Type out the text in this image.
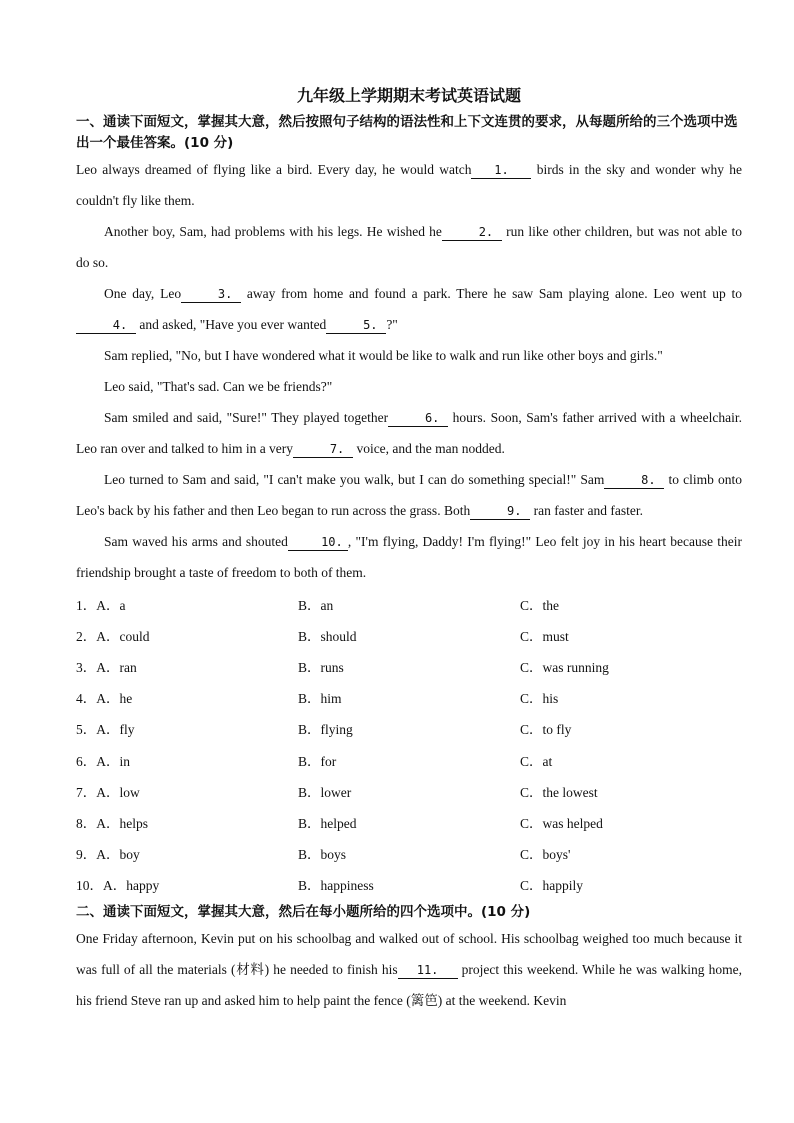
九年级上学期期末考试英语试题

一、通读下面短文，掌握其大意，然后按照句子结构的语法性和上下文连贯的要求，从每题所给的三个选项中选出一个最佳答案。(10 分)

Leo always dreamed of flying like a bird. Every day, he would watch 1. birds in the sky and wonder why he couldn't fly like them.

Another boy, Sam, had problems with his legs. He wished he	2. run like other children, but was not able to do so.

One day, Leo	3. away from home and found a park. There he saw Sam playing alone. Leo went up to4. and asked, "Have you ever wanted	5. ?"

Sam replied, "No, but I have wondered what it would be like to walk and run like other boys and girls."

Leo said, "That's sad. Can we be friends?"

Sam smiled and said, "Sure!" They played together	6. hours. Soon, Sam's father arrived with a wheelchair. Leo ran over and talked to him in a very	7. voice, and the man nodded.

Leo turned to Sam and said, "I can't make you walk, but I can do something special!" Sam	8. to climb onto Leo's back by his father and then Leo began to run across the grass. Both	9. ran faster and faster.

Sam waved his arms and shouted	10. , "I'm flying, Daddy! I'm flying!" Leo felt joy in his heart because their friendship brought a taste of freedom to both of them.

1．A．a	B．an	C．the
2．A．could	B．should	C．must
3．A．ran	B．runs	C．was running
4．A．he	B．him	C．his
5．A．fly	B．flying	C．to fly
6．A．in	B．for	C．at
7．A．low	B．lower	C．the lowest
8．A．helps	B．helped	C．was helped
9．A．boy	B．boys	C．boys'
10．A．happy	B．happiness	C．happily

二、通读下面短文，掌握其大意，然后在每小题所给的四个选项中。(10 分)

One Friday afternoon, Kevin put on his schoolbag and walked out of school. His schoolbag weighed too much because it was full of all the materials (材料) he needed to finish his 11. project this weekend. While he was walking home, his friend Steve ran up and asked him to help paint the fence (篱笆) at the weekend. Kevin
